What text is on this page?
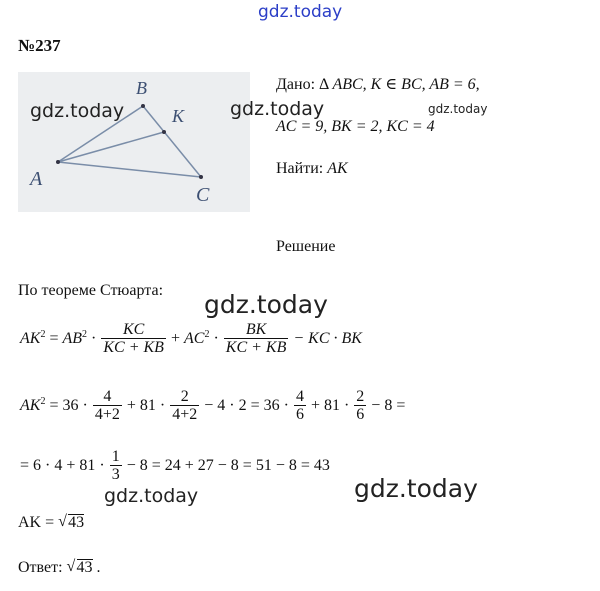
gdz.today
№237
B
K
A
C
gdz.today	gdz.today	gdz.today
Дано: Δ ABC, K ∈ BC, AB = 6,
AC = 9, BK = 2, KC = 4
Найти: AK
Решение
По теореме Стюарта: gdz.today
$AK^2 = AB^2 \cdot \frac{KC}{KC + KB} + AC^2 \cdot \frac{BK}{KC + KB}$ − KC · BK
$AK^2 = 36 \cdot \frac{4}{4+2} + 81 \cdot \frac{2}{4+2} - 4 \cdot 2 = 36 \cdot \frac{4}{6} + 81 \cdot \frac{2}{6} - 8$ =
= $6 \cdot 4 + 81 \cdot \frac{1}{3} - 8 = 24 + 27 - 8 = 51 - 8 = 43$
gdz.today	gdz.today
AK = √ 43
Ответ: √ 43 .
